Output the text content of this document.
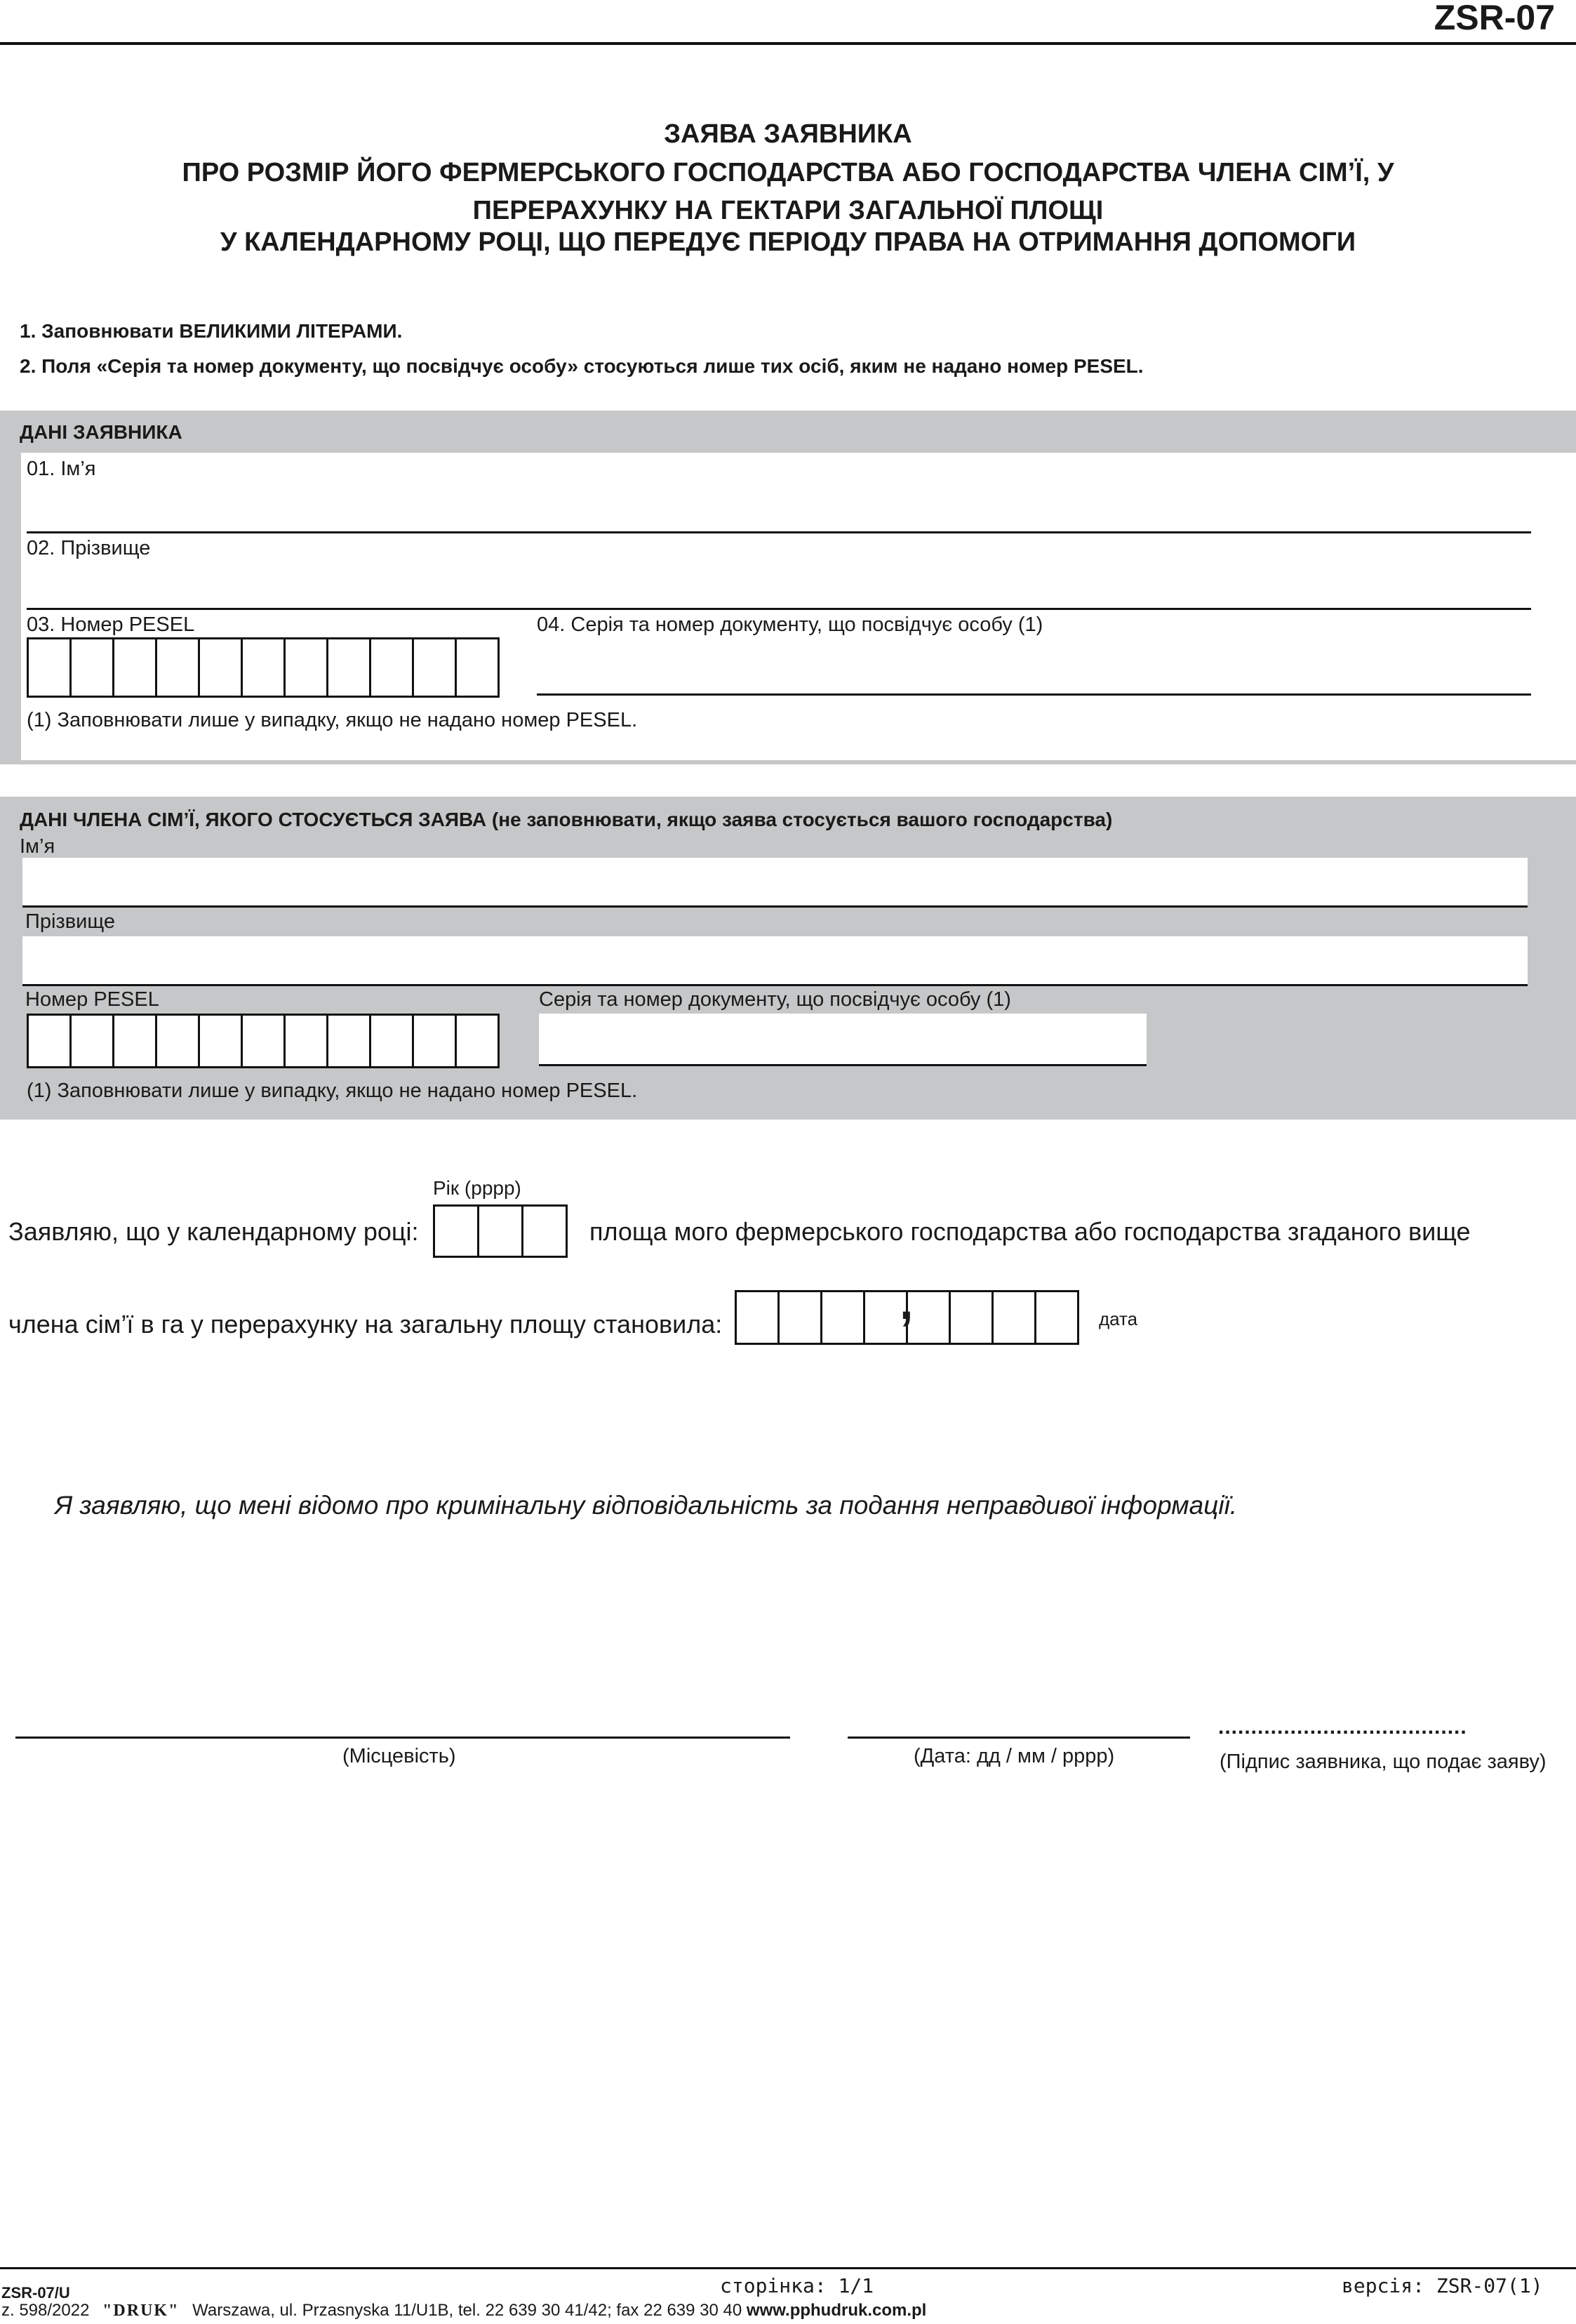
ZSR-07
ЗАЯВА ЗАЯВНИКА
ПРО РОЗМІР ЙОГО ФЕРМЕРСЬКОГО ГОСПОДАРСТВА АБО ГОСПОДАРСТВА ЧЛЕНА СІМ’Ї, У
ПЕРЕРАХУНКУ НА ГЕКТАРИ ЗАГАЛЬНОЇ ПЛОЩІ
У КАЛЕНДАРНОМУ РОЦІ, ЩО ПЕРЕДУЄ ПЕРІОДУ ПРАВА НА ОТРИМАННЯ ДОПОМОГИ
1. Заповнювати ВЕЛИКИМИ ЛІТЕРАМИ.
2. Поля «Серія та номер документу, що посвідчує особу» стосуються лише тих осіб, яким не надано номер PESEL.
ДАНІ ЗАЯВНИКА
01. Ім’я
02. Прізвище
03. Номер PESEL	04. Серія та номер документу, що посвідчує особу (1)
(1) Заповнювати лише у випадку, якщо не надано номер PESEL.
ДАНІ ЧЛЕНА СІМ’Ї, ЯКОГО СТОСУЄТЬСЯ ЗАЯВА (не заповнювати, якщо заява стосується вашого господарства)
Ім’я
Прізвище
Номер PESEL	Серія та номер документу, що посвідчує особу (1)
(1) Заповнювати лише у випадку, якщо не надано номер PESEL.
Рік (pppp)
Заявляю, що у календарному році:	площа мого фермерського господарства або господарства згаданого вище
члена сім’ї в га у перерахунку на загальну площу становила:	,	дата
Я заявляю, що мені відомо про кримінальну відповідальність за подання неправдивої інформації.
(Місцевість)	(Дата: дд / мм / pppp)
......................................
(Підпис заявника, що подає заяву)
ZSR-07/U	сторінка: 1/1	версія: ZSR-07(1)
z. 598/2022 "DRUK" Warszawa, ul. Przasnyska 11/U1B, tel. 22 639 30 41/42; fax 22 639 30 40 www.pphudruk.com.pl
